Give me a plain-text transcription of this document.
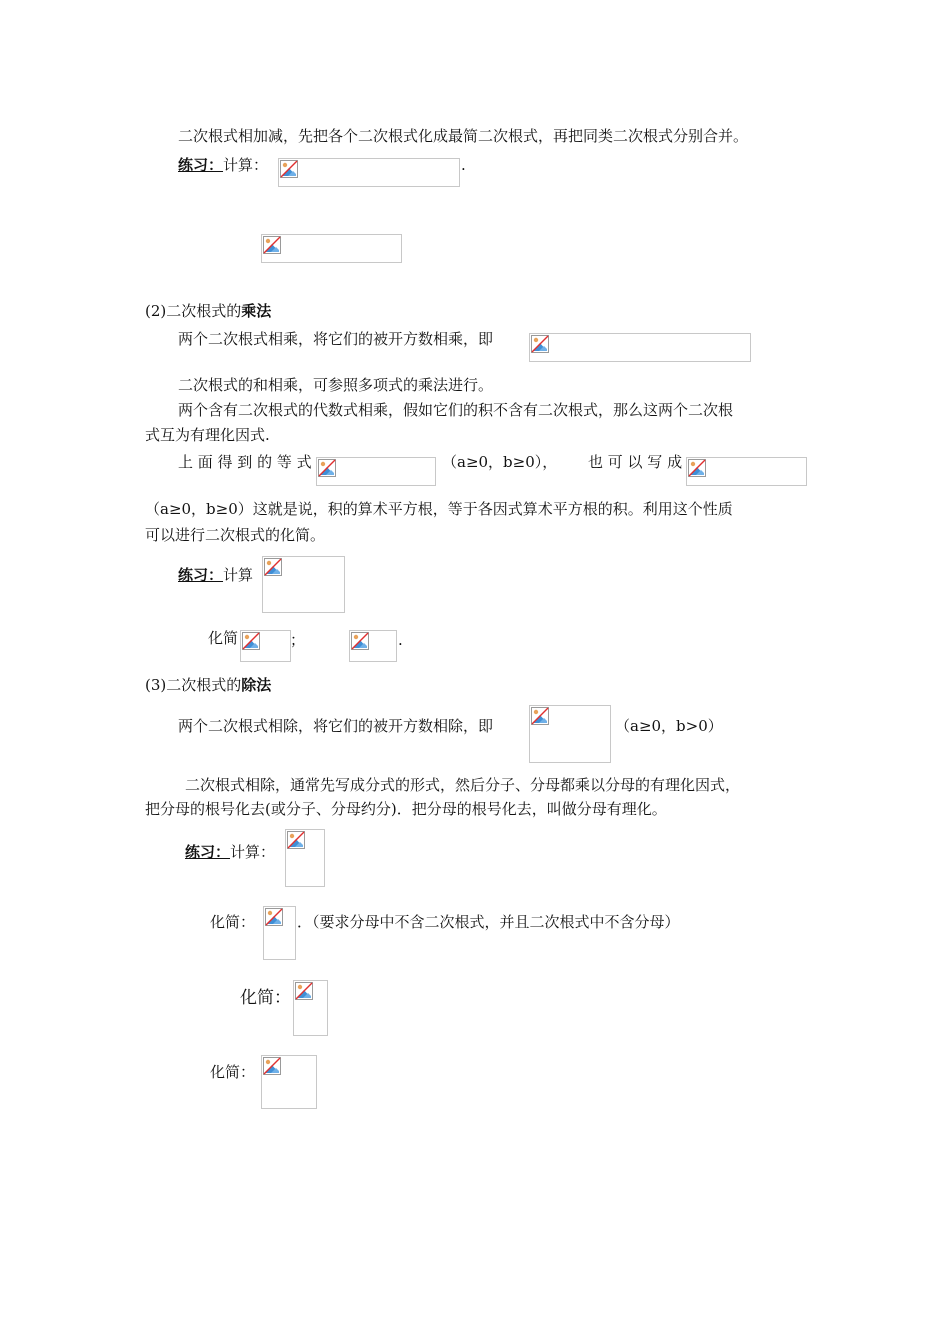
二次根式相加减，先把各个二次根式化成最简二次根式，再把同类二次根式分别合并。
练习：计算：	.
(2)二次根式的乘法
两个二次根式相乘，将它们的被开方数相乘，即
二次根式的和相乘，可参照多项式的乘法进行。
两个含有二次根式的代数式相乘，假如它们的积不含有二次根式，那么这两个二次根
式互为有理化因式.
上 面 得 到 的 等 式	（a≥0，b≥0）， 也 可 以 写 成
（a≥0，b≥0）这就是说，积的算术平方根，等于各因式算术平方根的积。利用这个性质
可以进行二次根式的化简。
练习：计算
化简	；	.
(3)二次根式的除法
两个二次根式相除，将它们的被开方数相除，即	（a≥0，b>0）
二次根式相除，通常先写成分式的形式，然后分子、分母都乘以分母的有理化因式，
把分母的根号化去(或分子、分母约分)．把分母的根号化去，叫做分母有理化。
练习：计算：
化简：	．（要求分母中不含二次根式，并且二次根式中不含分母）
化简：
化简：
